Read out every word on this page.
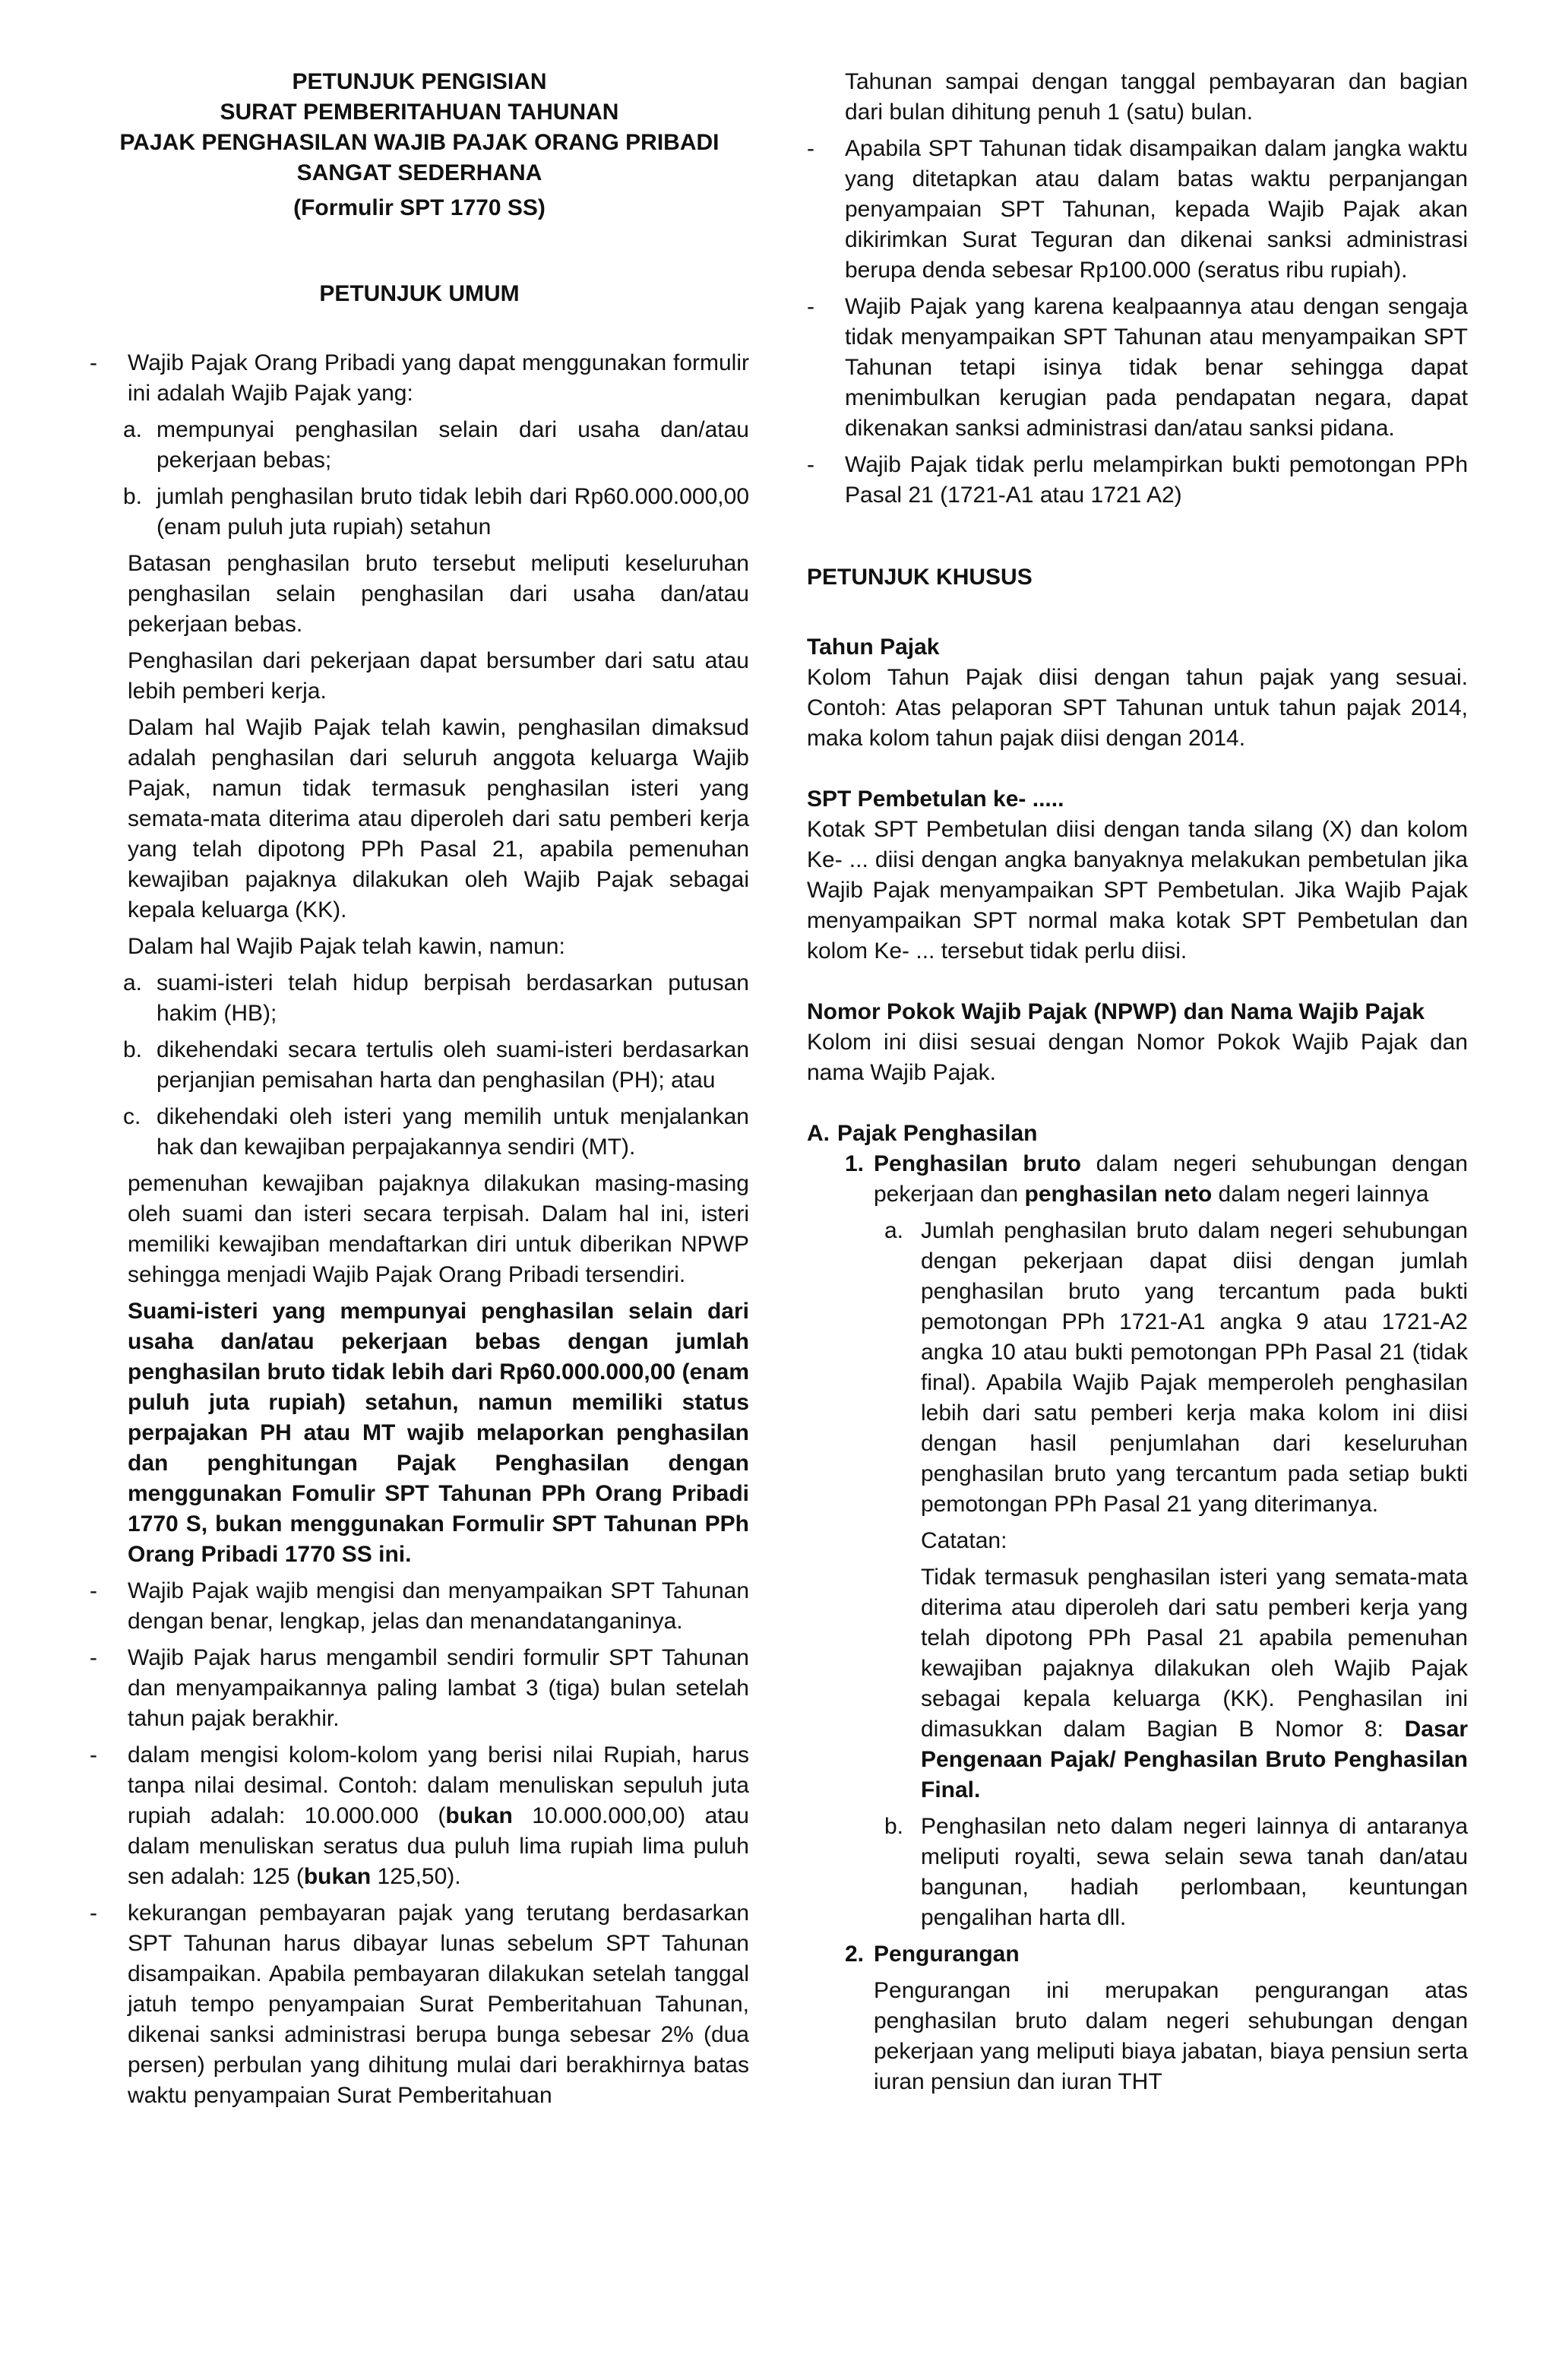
PETUNJUK PENGISIAN
SURAT PEMBERITAHUAN TAHUNAN
PAJAK PENGHASILAN WAJIB PAJAK ORANG PRIBADI
SANGAT SEDERHANA
(Formulir SPT 1770 SS)
PETUNJUK UMUM
- Wajib Pajak Orang Pribadi yang dapat menggunakan formulir ini adalah Wajib Pajak yang:
a. mempunyai penghasilan selain dari usaha dan/atau pekerjaan bebas;
b. jumlah penghasilan bruto tidak lebih dari Rp60.000.000,00 (enam puluh juta rupiah) setahun

Batasan penghasilan bruto tersebut meliputi keseluruhan penghasilan selain penghasilan dari usaha dan/atau pekerjaan bebas.

Penghasilan dari pekerjaan dapat bersumber dari satu atau lebih pemberi kerja.

Dalam hal Wajib Pajak telah kawin, penghasilan dimaksud adalah penghasilan dari seluruh anggota keluarga Wajib Pajak, namun tidak termasuk penghasilan isteri yang semata-mata diterima atau diperoleh dari satu pemberi kerja yang telah dipotong PPh Pasal 21, apabila pemenuhan kewajiban pajaknya dilakukan oleh Wajib Pajak sebagai kepala keluarga (KK).

Dalam hal Wajib Pajak telah kawin, namun:

a. suami-isteri telah hidup berpisah berdasarkan putusan hakim (HB);
b. dikehendaki secara tertulis oleh suami-isteri berdasarkan perjanjian pemisahan harta dan penghasilan (PH); atau
c. dikehendaki oleh isteri yang memilih untuk menjalankan hak dan kewajiban perpajakannya sendiri (MT).

pemenuhan kewajiban pajaknya dilakukan masing-masing oleh suami dan isteri secara terpisah. Dalam hal ini, isteri memiliki kewajiban mendaftarkan diri untuk diberikan NPWP sehingga menjadi Wajib Pajak Orang Pribadi tersendiri.

Suami-isteri yang mempunyai penghasilan selain dari usaha dan/atau pekerjaan bebas dengan jumlah penghasilan bruto tidak lebih dari Rp60.000.000,00 (enam puluh juta rupiah) setahun, namun memiliki status perpajakan PH atau MT wajib melaporkan penghasilan dan penghitungan Pajak Penghasilan dengan menggunakan Fomulir SPT Tahunan PPh Orang Pribadi 1770 S, bukan menggunakan Formulir SPT Tahunan PPh Orang Pribadi 1770 SS ini.

- Wajib Pajak wajib mengisi dan menyampaikan SPT Tahunan dengan benar, lengkap, jelas dan menandatanganinya.
- Wajib Pajak harus mengambil sendiri formulir SPT Tahunan dan menyampaikannya paling lambat 3 (tiga) bulan setelah tahun pajak berakhir.
- dalam mengisi kolom-kolom yang berisi nilai Rupiah, harus tanpa nilai desimal. Contoh: dalam menuliskan sepuluh juta rupiah adalah: 10.000.000 (bukan 10.000.000,00) atau dalam menuliskan seratus dua puluh lima rupiah lima puluh sen adalah: 125 (bukan 125,50).
- kekurangan pembayaran pajak yang terutang berdasarkan SPT Tahunan harus dibayar lunas sebelum SPT Tahunan disampaikan. Apabila pembayaran dilakukan setelah tanggal jatuh tempo penyampaian Surat Pemberitahuan Tahunan, dikenai sanksi administrasi berupa bunga sebesar 2% (dua persen) perbulan yang dihitung mulai dari berakhirnya batas waktu penyampaian Surat Pemberitahuan

Tahunan sampai dengan tanggal pembayaran dan bagian dari bulan dihitung penuh 1 (satu) bulan.

- Apabila SPT Tahunan tidak disampaikan dalam jangka waktu yang ditetapkan atau dalam batas waktu perpanjangan penyampaian SPT Tahunan, kepada Wajib Pajak akan dikirimkan Surat Teguran dan dikenai sanksi administrasi berupa denda sebesar Rp100.000 (seratus ribu rupiah).
- Wajib Pajak yang karena kealpaannya atau dengan sengaja tidak menyampaikan SPT Tahunan atau menyampaikan SPT Tahunan tetapi isinya tidak benar sehingga dapat menimbulkan kerugian pada pendapatan negara, dapat dikenakan sanksi administrasi dan/atau sanksi pidana.
- Wajib Pajak tidak perlu melampirkan bukti pemotongan PPh Pasal 21 (1721-A1 atau 1721 A2)
PETUNJUK KHUSUS
Tahun Pajak

Kolom Tahun Pajak diisi dengan tahun pajak yang sesuai. Contoh: Atas pelaporan SPT Tahunan untuk tahun pajak 2014, maka kolom tahun pajak diisi dengan 2014.

SPT Pembetulan ke- .....

Kotak SPT Pembetulan diisi dengan tanda silang (X) dan kolom Ke- ... diisi dengan angka banyaknya melakukan pembetulan jika Wajib Pajak menyampaikan SPT Pembetulan. Jika Wajib Pajak menyampaikan SPT normal maka kotak SPT Pembetulan dan kolom Ke- ... tersebut tidak perlu diisi.

Nomor Pokok Wajib Pajak (NPWP) dan Nama Wajib Pajak

Kolom ini diisi sesuai dengan Nomor Pokok Wajib Pajak dan nama Wajib Pajak.

A. Pajak Penghasilan
1. Penghasilan bruto dalam negeri sehubungan dengan pekerjaan dan penghasilan neto dalam negeri lainnya
a. Jumlah penghasilan bruto dalam negeri sehubungan dengan pekerjaan dapat diisi dengan jumlah penghasilan bruto yang tercantum pada bukti pemotongan PPh 1721-A1 angka 9 atau 1721-A2 angka 10 atau bukti pemotongan PPh Pasal 21 (tidak final). Apabila Wajib Pajak memperoleh penghasilan lebih dari satu pemberi kerja maka kolom ini diisi dengan hasil penjumlahan dari keseluruhan penghasilan bruto yang tercantum pada setiap bukti pemotongan PPh Pasal 21 yang diterimanya.

Catatan:

Tidak termasuk penghasilan isteri yang semata-mata diterima atau diperoleh dari satu pemberi kerja yang telah dipotong PPh Pasal 21 apabila pemenuhan kewajiban pajaknya dilakukan oleh Wajib Pajak sebagai kepala keluarga (KK). Penghasilan ini dimasukkan dalam Bagian B Nomor 8: Dasar Pengenaan Pajak/ Penghasilan Bruto Penghasilan Final.

b. Penghasilan neto dalam negeri lainnya di antaranya meliputi royalti, sewa selain sewa tanah dan/atau bangunan, hadiah perlombaan, keuntungan pengalihan harta dll.
2. Pengurangan

Pengurangan ini merupakan pengurangan atas penghasilan bruto dalam negeri sehubungan dengan pekerjaan yang meliputi biaya jabatan, biaya pensiun serta iuran pensiun dan iuran THT
